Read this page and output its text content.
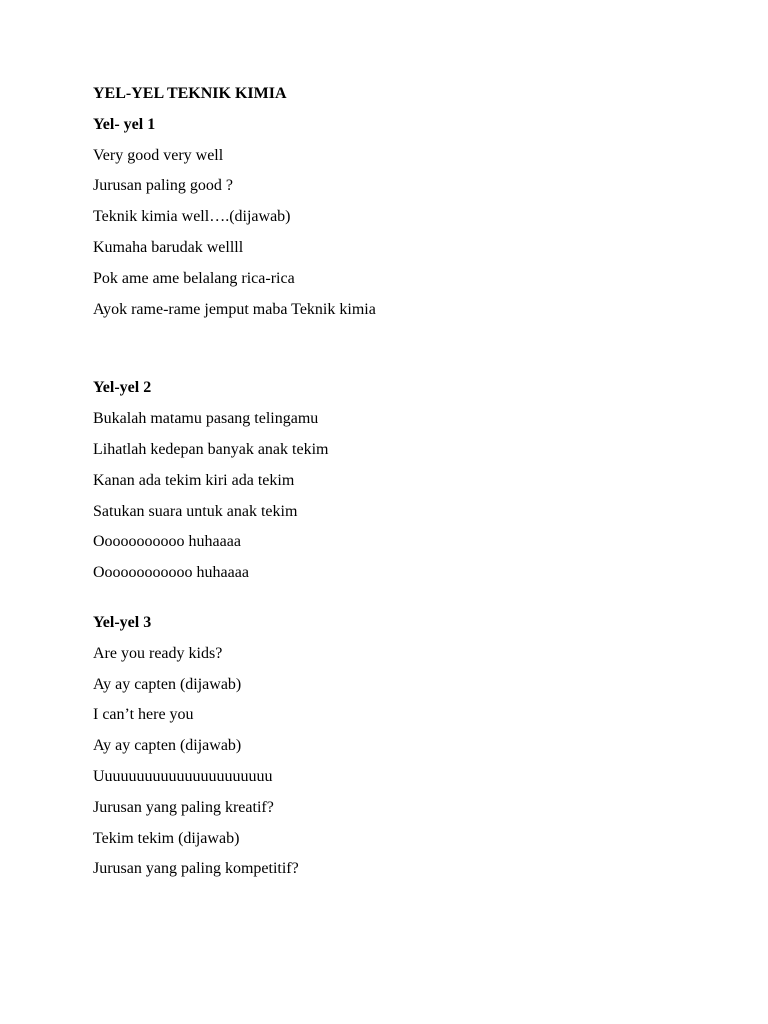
YEL-YEL TEKNIK KIMIA
Yel- yel 1
Very good very well
Jurusan paling good ?
Teknik kimia well….(dijawab)
Kumaha barudak wellll
Pok ame ame belalang rica-rica
Ayok rame-rame jemput maba Teknik kimia
Yel-yel 2
Bukalah matamu pasang telingamu
Lihatlah kedepan banyak anak tekim
Kanan ada tekim kiri ada tekim
Satukan suara untuk anak tekim
Ooooooooooo huhaaaa
Oooooooooooo huhaaaa
Yel-yel 3
Are you ready kids?
Ay ay capten (dijawab)
I can’t here you
Ay ay capten (dijawab)
Uuuuuuuuuuuuuuuuuuuuuu
Jurusan yang paling kreatif?
Tekim tekim (dijawab)
Jurusan yang paling kompetitif?
